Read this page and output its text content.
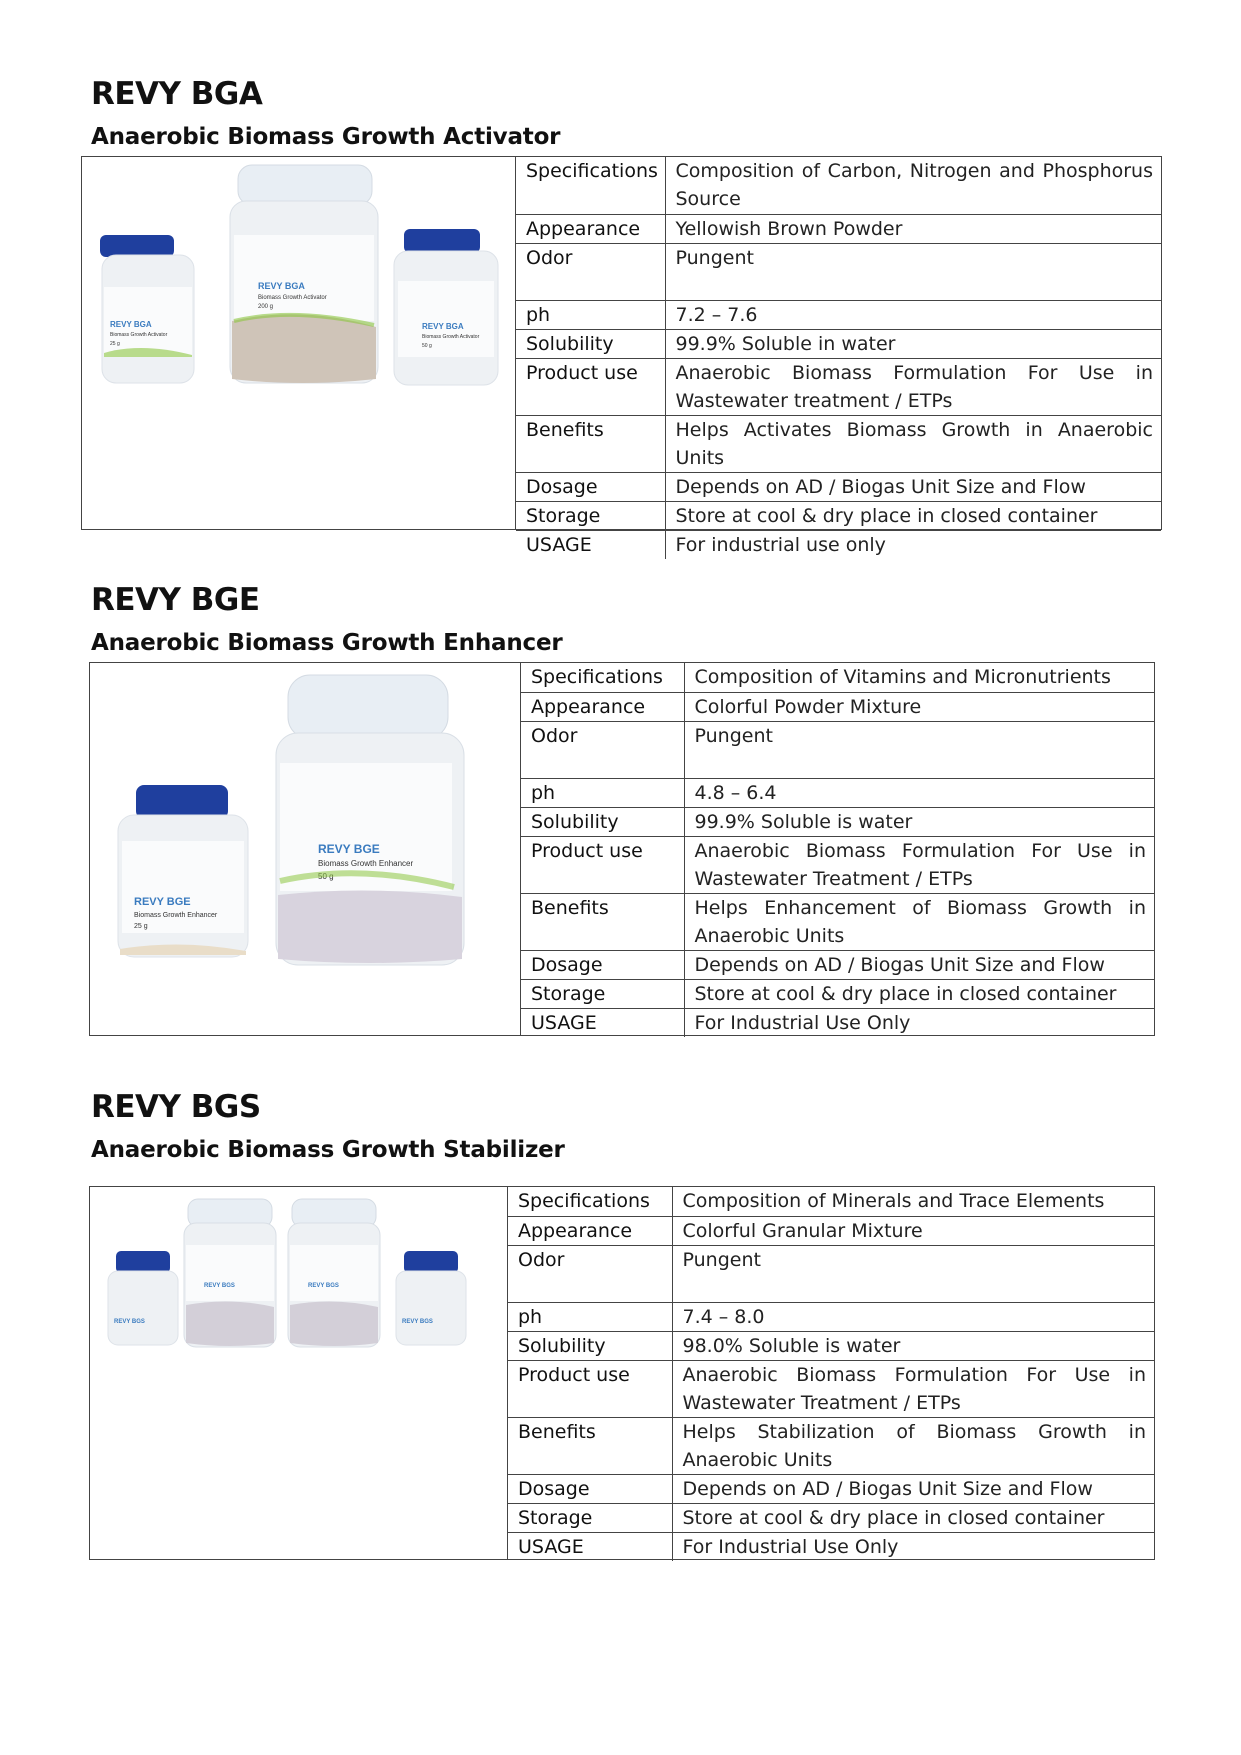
REVY BGA
Anaerobic Biomass Growth Activator
REVY BGA
Biomass Growth Activator
25 g
REVY BGA
Biomass Growth Activator
200 g
REVY BGA
Biomass Growth Activator
50 g
Specifications	Composition of Carbon, Nitrogen and Phosphorus Source
Appearance	Yellowish Brown Powder
Odor	Pungent
ph	7.2 – 7.6
Solubility	99.9% Soluble in water
Product use	Anaerobic Biomass Formulation For Use in Wastewater treatment / ETPs
Benefits	Helps Activates Biomass Growth in Anaerobic Units
Dosage	Depends on AD / Biogas Unit Size and Flow
Storage	Store at cool & dry place in closed container
USAGE	For industrial use only
REVY BGE
Anaerobic Biomass Growth Enhancer
REVY BGE
Biomass Growth Enhancer
25 g
REVY BGE
Biomass Growth Enhancer
50 g
Specifications	Composition of Vitamins and Micronutrients
Appearance	Colorful Powder Mixture
Odor	Pungent
ph	4.8 – 6.4
Solubility	99.9% Soluble is water
Product use	Anaerobic Biomass Formulation For Use in Wastewater Treatment / ETPs
Benefits	Helps Enhancement of Biomass Growth in Anaerobic Units
Dosage	Depends on AD / Biogas Unit Size and Flow
Storage	Store at cool & dry place in closed container
USAGE	For Industrial Use Only
REVY BGS
Anaerobic Biomass Growth Stabilizer
REVY BGS
REVY BGS	REVY BGS
REVY BGS
Specifications	Composition of Minerals and Trace Elements
Appearance	Colorful Granular Mixture
Odor	Pungent
ph	7.4 – 8.0
Solubility	98.0% Soluble is water
Product use	Anaerobic Biomass Formulation For Use in Wastewater Treatment / ETPs
Benefits	Helps Stabilization of Biomass Growth in Anaerobic Units
Dosage	Depends on AD / Biogas Unit Size and Flow
Storage	Store at cool & dry place in closed container
USAGE	For Industrial Use Only
